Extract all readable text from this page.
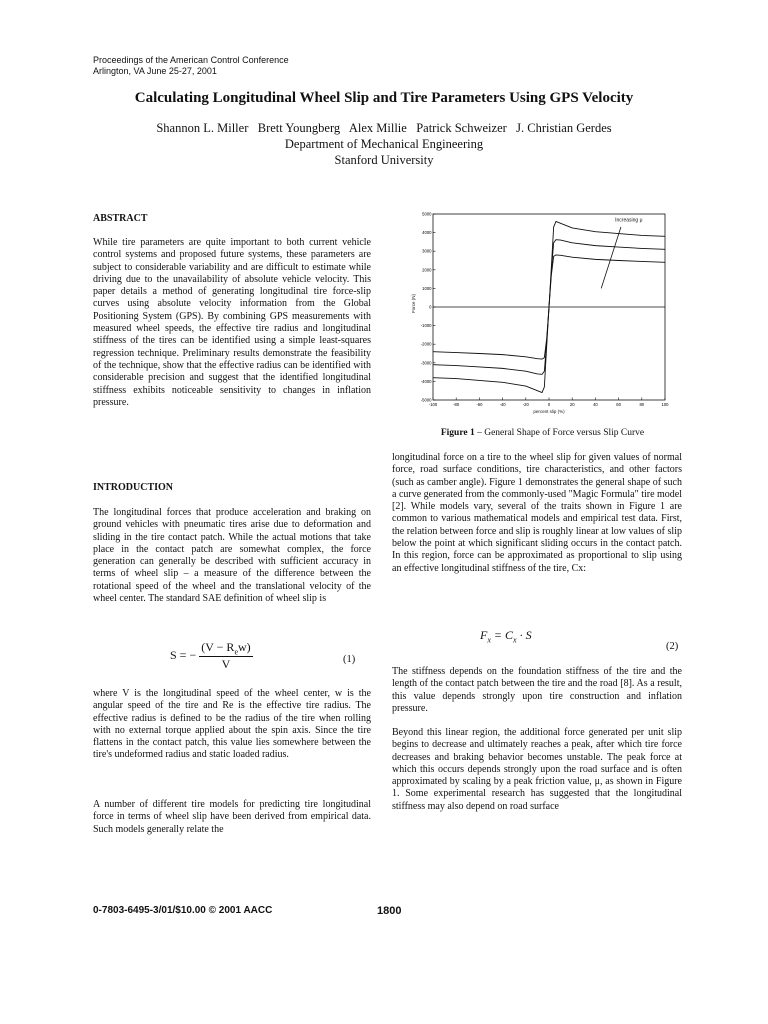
Proceedings of the American Control Conference
Arlington, VA June 25-27, 2001
Calculating Longitudinal Wheel Slip and Tire Parameters Using GPS Velocity
Shannon L. Miller   Brett Youngberg   Alex Millie   Patrick Schweizer   J. Christian Gerdes
Department of Mechanical Engineering
Stanford University
ABSTRACT

While tire parameters are quite important to both current vehicle control systems and proposed future systems, these parameters are subject to considerable variability and are difficult to estimate while driving due to the unavailability of absolute vehicle velocity. This paper details a method of generating longitudinal tire force-slip curves using absolute velocity information from the Global Positioning System (GPS). By combining GPS measurements with measured wheel speeds, the effective tire radius and longitudinal stiffness of the tires can be identified using a simple least-squares regression technique. Preliminary results demonstrate the feasibility of the technique, show that the effective radius can be identified with considerable precision and suggest that the identified longitudinal stiffness exhibits noticeable sensitivity to changes in inflation pressure.

INTRODUCTION

The longitudinal forces that produce acceleration and braking on ground vehicles with pneumatic tires arise due to deformation and sliding in the tire contact patch. While the actual motions that take place in the contact patch are somewhat complex, the force generation can generally be described with sufficient accuracy in terms of wheel slip – a measure of the difference between the rotational speed of the wheel and the translational velocity of the wheel center. The standard SAE definition of wheel slip is

S = − $\frac{(V - R_ew)}{V}$	(1)

where V is the longitudinal speed of the wheel center, w is the angular speed of the tire and Re is the effective tire radius. The effective radius is defined to be the radius of the tire when rolling with no external torque applied about the spin axis. Since the tire flattens in the contact patch, this value lies somewhere between the tire's undeformed radius and static loaded radius.

A number of different tire models for predicting tire longitudinal force in terms of wheel slip have been derived from empirical data. Such models generally relate the

-5000
-4000
-3000
-2000
-1000
0
1000
2000
3000
4000
5000
-100	-80	-60	-40	-20	0	20	40	60	80	100
Increasing μ
Force (N)
percent slip (%)
Figure 1 – General Shape of Force versus Slip Curve

longitudinal force on a tire to the wheel slip for given values of normal force, road surface conditions, tire characteristics, and other factors (such as camber angle). Figure 1 demonstrates the general shape of such a curve generated from the commonly-used "Magic Formula" tire model [2]. While models vary, several of the traits shown in Figure 1 are common to various mathematical models and empirical test data. First, the relation between force and slip is roughly linear at low values of slip below the point at which significant sliding occurs in the contact patch. In this region, force can be approximated as proportional to slip using an effective longitudinal stiffness of the tire, Cx:

$F_x = C_x \cdot S$
(2)

The stiffness depends on the foundation stiffness of the tire and the length of the contact patch between the tire and the road [8]. As a result, this value depends strongly upon tire construction and inflation pressure.

Beyond this linear region, the additional force generated per unit slip begins to decrease and ultimately reaches a peak, after which tire force decreases and braking behavior becomes unstable. The peak force at which this occurs depends strongly upon the road surface and is often approximated by scaling by a peak friction value, μ, as shown in Figure 1. Some experimental research has suggested that the longitudinal stiffness may also depend on road surface

0-7803-6495-3/01/$10.00 © 2001 AACC	1800
